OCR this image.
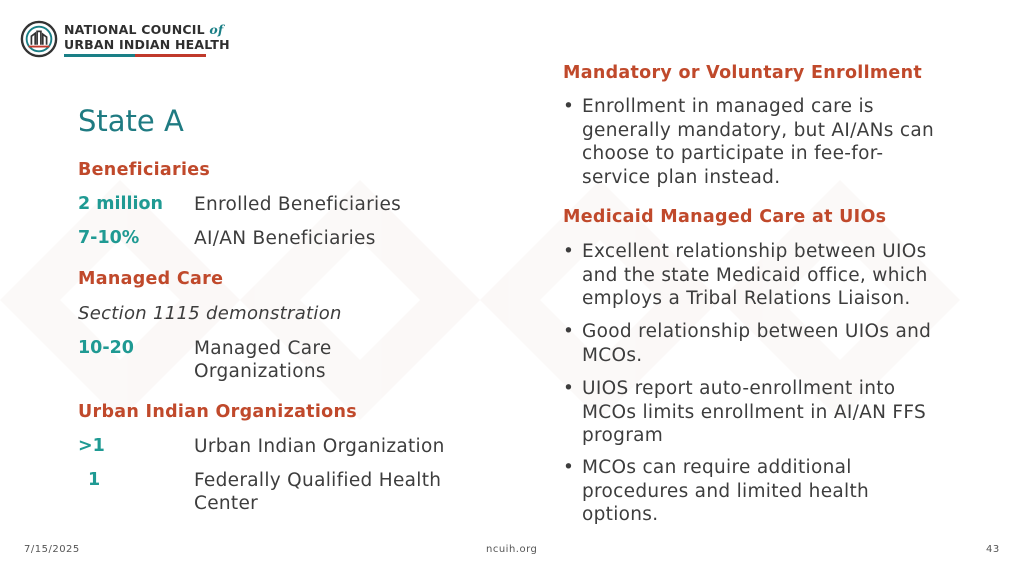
NATIONAL COUNCIL of
URBAN INDIAN HEALTH
State A
Beneficiaries
2 million Enrolled Beneficiaries
7-10%	AI/AN Beneficiaries
Managed Care
Section 1115 demonstration
10-20	Managed Care
Organizations
Urban Indian Organizations
>1	Urban Indian Organization
1	Federally Qualified Health
Center
Mandatory or Voluntary Enrollment
• Enrollment in managed care is
generally mandatory, but AI/ANs can
choose to participate in fee-for-
service plan instead.
Medicaid Managed Care at UIOs
• Excellent relationship between UIOs
and the state Medicaid office, which
employs a Tribal Relations Liaison.
• Good relationship between UIOs and
MCOs.
• UIOS report auto-enrollment into
MCOs limits enrollment in AI/AN FFS
program
• MCOs can require additional
procedures and limited health
options.
7/15/2025	ncuih.org	43
